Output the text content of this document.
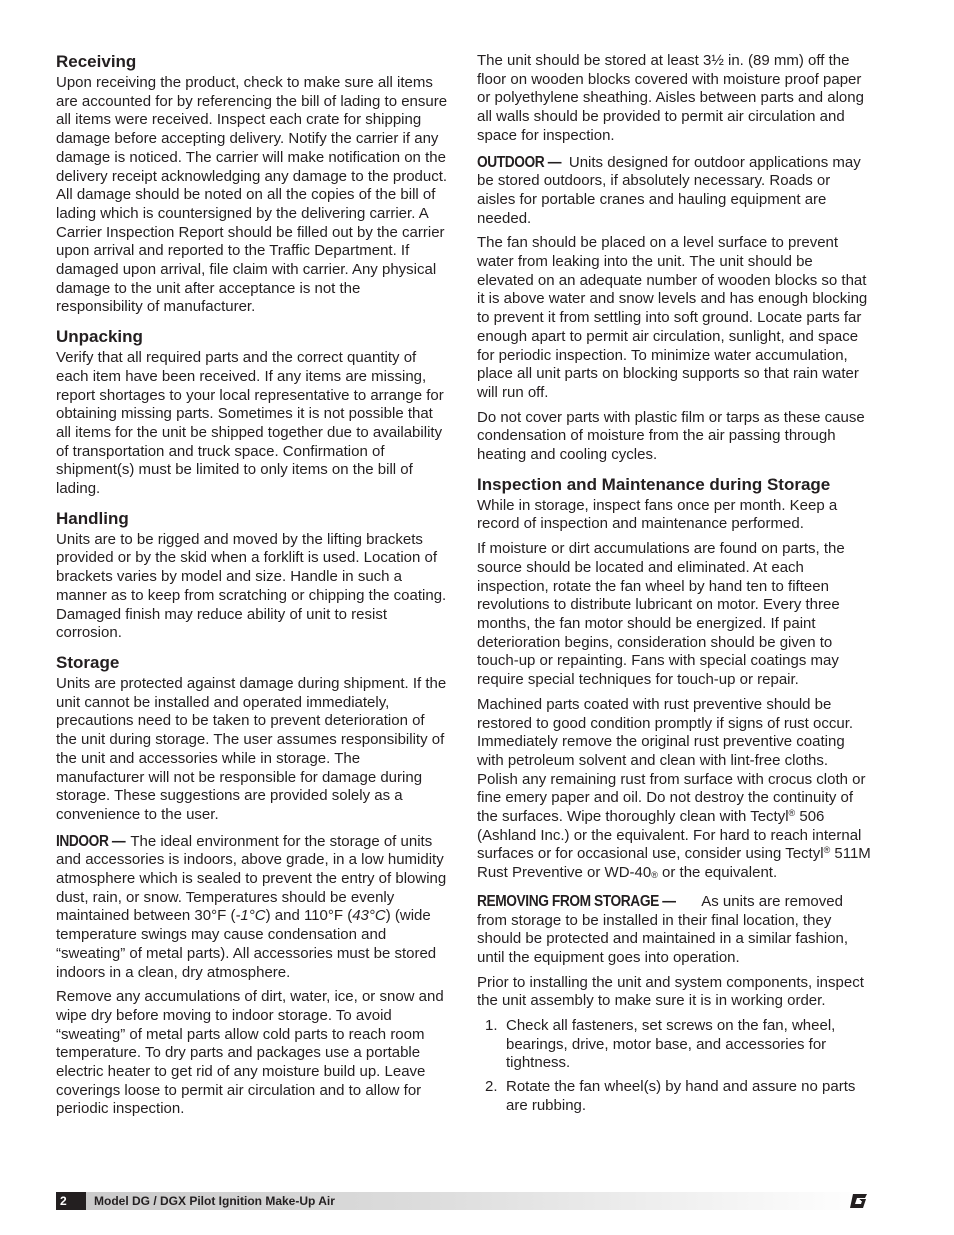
Receiving

Upon receiving the product, check to make sure all items are accounted for by referencing the bill of lading to ensure all items were received. Inspect each crate for shipping damage before accepting delivery. Notify the carrier if any damage is noticed. The carrier will make notification on the delivery receipt acknowledging any damage to the product. All damage should be noted on all the copies of the bill of lading which is countersigned by the delivering carrier. A Carrier Inspection Report should be filled out by the carrier upon arrival and reported to the Traffic Department. If damaged upon arrival, file claim with carrier. Any physical damage to the unit after acceptance is not the responsibility of manufacturer.

Unpacking

Verify that all required parts and the correct quantity of each item have been received. If any items are missing, report shortages to your local representative to arrange for obtaining missing parts. Sometimes it is not possible that all items for the unit be shipped together due to availability of transportation and truck space. Confirmation of shipment(s) must be limited to only items on the bill of lading.

Handling

Units are to be rigged and moved by the lifting brackets provided or by the skid when a forklift is used. Location of brackets varies by model and size. Handle in such a manner as to keep from scratching or chipping the coating. Damaged finish may reduce ability of unit to resist corrosion.

Storage

Units are protected against damage during shipment. If the unit cannot be installed and operated immediately, precautions need to be taken to prevent deterioration of the unit during storage. The user assumes responsibility of the unit and accessories while in storage. The manufacturer will not be responsible for damage during storage. These suggestions are provided solely as a convenience to the user.

INDOOR — The ideal environment for the storage of units and accessories is indoors, above grade, in a low humidity atmosphere which is sealed to prevent the entry of blowing dust, rain, or snow. Temperatures should be evenly maintained between 30°F (-1°C) and 110°F (43°C) (wide temperature swings may cause condensation and “sweating” of metal parts). All accessories must be stored indoors in a clean, dry atmosphere.

Remove any accumulations of dirt, water, ice, or snow and wipe dry before moving to indoor storage. To avoid “sweating” of metal parts allow cold parts to reach room temperature. To dry parts and packages use a portable electric heater to get rid of any moisture build up. Leave coverings loose to permit air circulation and to allow for periodic inspection.

The unit should be stored at least 3½ in. (89 mm) off the floor on wooden blocks covered with moisture proof paper or polyethylene sheathing. Aisles between parts and along all walls should be provided to permit air circulation and space for inspection.

OUTDOOR — Units designed for outdoor applications may be stored outdoors, if absolutely necessary. Roads or aisles for portable cranes and hauling equipment are needed.

The fan should be placed on a level surface to prevent water from leaking into the unit. The unit should be elevated on an adequate number of wooden blocks so that it is above water and snow levels and has enough blocking to prevent it from settling into soft ground. Locate parts far enough apart to permit air circulation, sunlight, and space for periodic inspection. To minimize water accumulation, place all unit parts on blocking supports so that rain water will run off.

Do not cover parts with plastic film or tarps as these cause condensation of moisture from the air passing through heating and cooling cycles.

Inspection and Maintenance during Storage

While in storage, inspect fans once per month. Keep a record of inspection and maintenance performed.

If moisture or dirt accumulations are found on parts, the source should be located and eliminated. At each inspection, rotate the fan wheel by hand ten to fifteen revolutions to distribute lubricant on motor. Every three months, the fan motor should be energized. If paint deterioration begins, consideration should be given to touch-up or repainting. Fans with special coatings may require special techniques for touch-up or repair.

Machined parts coated with rust preventive should be restored to good condition promptly if signs of rust occur. Immediately remove the original rust preventive coating with petroleum solvent and clean with lint-free cloths. Polish any remaining rust from surface with crocus cloth or fine emery paper and oil. Do not destroy the continuity of the surfaces. Wipe thoroughly clean with Tectyl® 506 (Ashland Inc.) or the equivalent. For hard to reach internal surfaces or for occasional use, consider using Tectyl® 511M Rust Preventive or WD-40® or the equivalent.

REMOVING FROM STORAGE — As units are removed from storage to be installed in their final location, they should be protected and maintained in a similar fashion, until the equipment goes into operation.

Prior to installing the unit and system components, inspect the unit assembly to make sure it is in working order.

1. Check all fasteners, set screws on the fan, wheel, bearings, drive, motor base, and accessories for tightness.
2. Rotate the fan wheel(s) by hand and assure no parts are rubbing.
2	Model DG / DGX Pilot Ignition Make-Up Air
